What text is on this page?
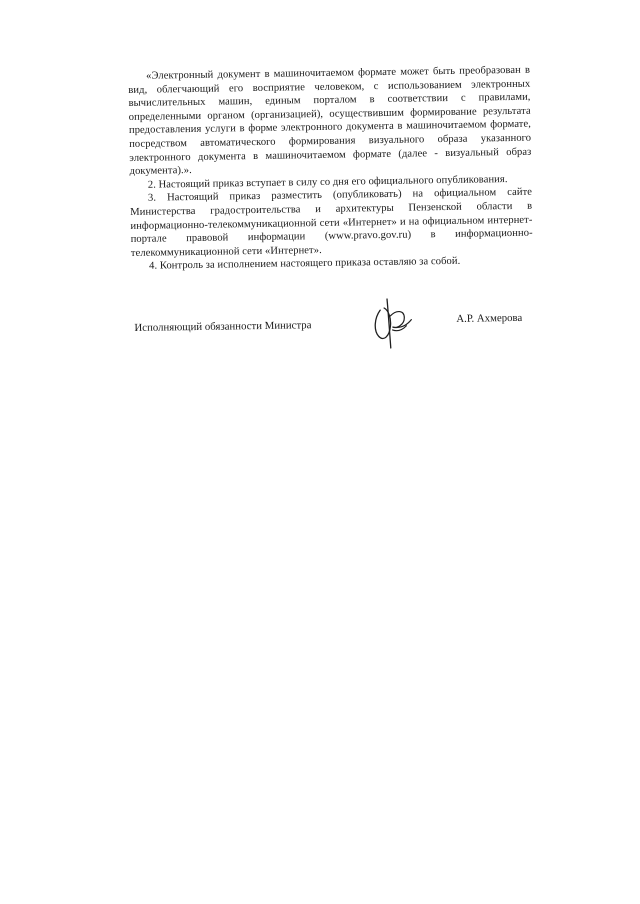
«Электронный документ в машиночитаемом формате может быть преобразован в вид, облегчающий его восприятие человеком, с использованием электронных вычислительных машин, единым порталом в соответствии с правилами, определенными органом (организацией), осуществившим формирование результата предоставления услуги в форме электронного документа в машиночитаемом формате, посредством автоматического формирования визуального образа указанного электронного документа в машиночитаемом формате (далее - визуальный образ документа).».

2. Настоящий приказ вступает в силу со дня его официального опубликования.

3. Настоящий приказ разместить (опубликовать) на официальном сайте Министерства градостроительства и архитектуры Пензенской области в информационно-телекоммуникационной сети «Интернет» и на официальном интернет-портале правовой информации (www.pravo.gov.ru) в информационно-телекоммуникационной сети «Интернет».

4. Контроль за исполнением настоящего приказа оставляю за собой.

Исполняющий обязанности Министра
А.Р. Ахмерова
